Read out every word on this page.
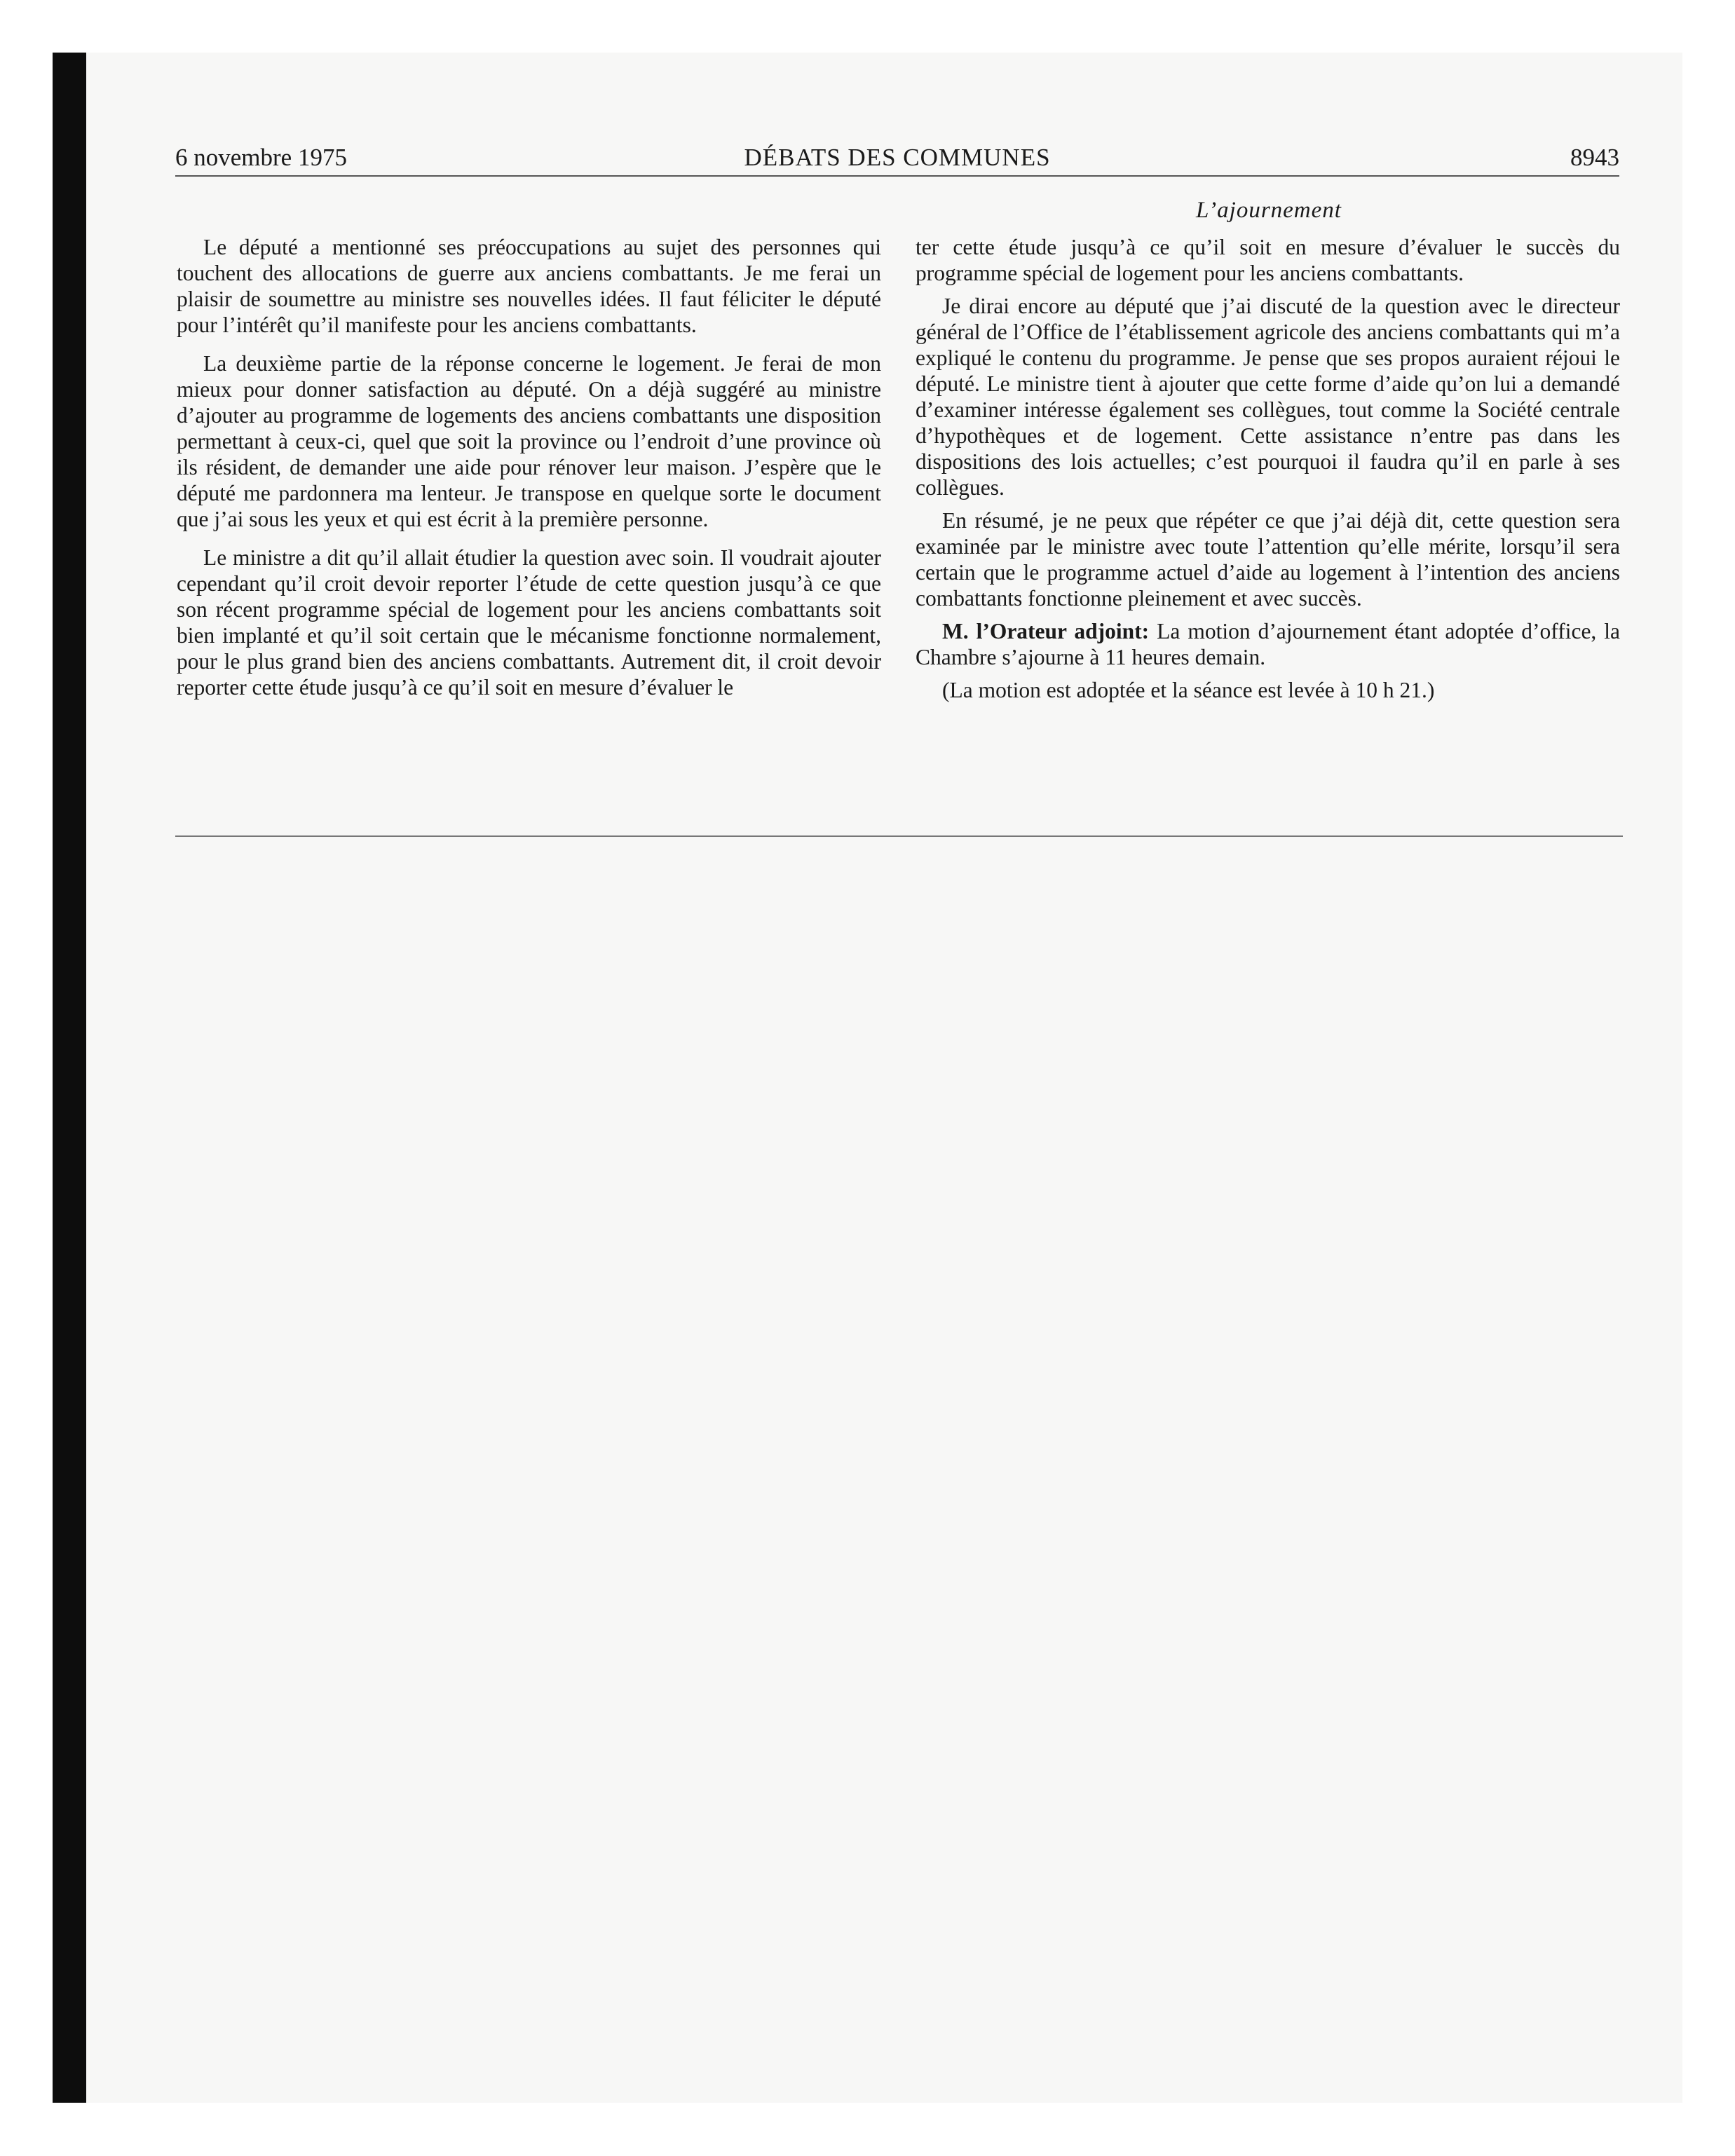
6 novembre 1975	DÉBATS DES COMMUNES	8943
L’ajournement

Le député a mentionné ses préoccupations au sujet des personnes qui touchent des allocations de guerre aux anciens combattants. Je me ferai un plaisir de soumettre au ministre ses nouvelles idées. Il faut féliciter le député pour l’intérêt qu’il manifeste pour les anciens combattants.

La deuxième partie de la réponse concerne le logement. Je ferai de mon mieux pour donner satisfaction au député. On a déjà suggéré au ministre d’ajouter au programme de logements des anciens combattants une disposition permettant à ceux-ci, quel que soit la province ou l’endroit d’une province où ils résident, de demander une aide pour rénover leur maison. J’espère que le député me pardonnera ma lenteur. Je transpose en quelque sorte le document que j’ai sous les yeux et qui est écrit à la première personne.

Le ministre a dit qu’il allait étudier la question avec soin. Il voudrait ajouter cependant qu’il croit devoir reporter l’étude de cette question jusqu’à ce que son récent programme spécial de logement pour les anciens combattants soit bien implanté et qu’il soit certain que le mécanisme fonctionne normalement, pour le plus grand bien des anciens combattants. Autrement dit, il croit devoir reporter cette étude jusqu’à ce qu’il soit en mesure d’évaluer le

ter cette étude jusqu’à ce qu’il soit en mesure d’évaluer le succès du programme spécial de logement pour les anciens combattants.

Je dirai encore au député que j’ai discuté de la question avec le directeur général de l’Office de l’établissement agricole des anciens combattants qui m’a expliqué le contenu du programme. Je pense que ses propos auraient réjoui le député. Le ministre tient à ajouter que cette forme d’aide qu’on lui a demandé d’examiner intéresse également ses collègues, tout comme la Société centrale d’hypothèques et de logement. Cette assistance n’entre pas dans les dispositions des lois actuelles; c’est pourquoi il faudra qu’il en parle à ses collègues.

En résumé, je ne peux que répéter ce que j’ai déjà dit, cette question sera examinée par le ministre avec toute l’attention qu’elle mérite, lorsqu’il sera certain que le programme actuel d’aide au logement à l’intention des anciens combattants fonctionne pleinement et avec succès.

M. l’Orateur adjoint: La motion d’ajournement étant adoptée d’office, la Chambre s’ajourne à 11 heures demain.

(La motion est adoptée et la séance est levée à 10 h 21.)
